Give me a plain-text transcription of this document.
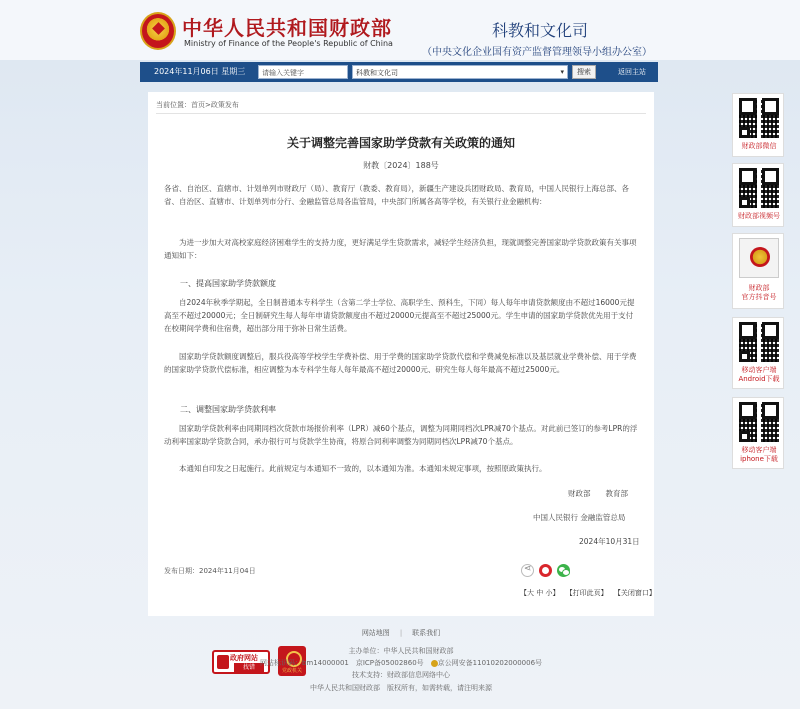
中华人民共和国财政部
Ministry of Finance of the People's Republic of China
科教和文化司
（中央文化企业国有资产监督管理领导小组办公室）
2024年11月06日 星期三	请输入关键字	科教和文化司	▾	搜索	返回主站
当前位置：首页>政策发布
关于调整完善国家助学贷款有关政策的通知
财教〔2024〕188号
各省、自治区、直辖市、计划单列市财政厅（局）、教育厅（教委、教育局），新疆生产建设兵团财政局、教育局，中国人民银行上海总部、各省、自治区、直辖市、计划单列市分行、金融监管总局各监管局，中央部门所属各高等学校，有关银行业金融机构：
为进一步加大对高校家庭经济困难学生的支持力度，更好满足学生贷款需求，减轻学生经济负担，现就调整完善国家助学贷款政策有关事项通知如下：
一、提高国家助学贷款额度
自2024年秋季学期起，全日制普通本专科学生（含第二学士学位、高职学生、预科生，下同）每人每年申请贷款额度由不超过16000元提高至不超过20000元；全日制研究生每人每年申请贷款额度由不超过20000元提高至不超过25000元。学生申请的国家助学贷款优先用于支付在校期间学费和住宿费，超出部分用于弥补日常生活费。
国家助学贷款额度调整后，服兵役高等学校学生学费补偿、用于学费的国家助学贷款代偿和学费减免标准以及基层就业学费补偿、用于学费的国家助学贷款代偿标准，相应调整为本专科学生每人每年最高不超过20000元、研究生每人每年最高不超过25000元。
二、调整国家助学贷款利率
国家助学贷款利率由同期同档次贷款市场报价利率（LPR）减60个基点，调整为同期同档次LPR减70个基点。对此前已签订的参考LPR的浮动利率国家助学贷款合同，承办银行可与贷款学生协商，将原合同利率调整为同期同档次LPR减70个基点。
本通知自印发之日起施行。此前规定与本通知不一致的，以本通知为准。本通知未规定事项，按照原政策执行。
财政部　　教育部
中国人民银行 金融监管总局
2024年10月31日
发布日期：2024年11月04日
⋖
【大 中 小】 【打印此页】 【关闭窗口】
财政部微信
财政部视频号
财政部
官方抖音号
移动客户端
Android下载
移动客户端
iphone下载
网站地图 | 联系我们
政府网站
找错	党政机关
主办单位：中华人民共和国财政部
网站标识码：bm14000001　京ICP备05002860号　京公网安备11010202000006号
技术支持：财政部信息网络中心
中华人民共和国财政部　版权所有，如需转载，请注明来源
